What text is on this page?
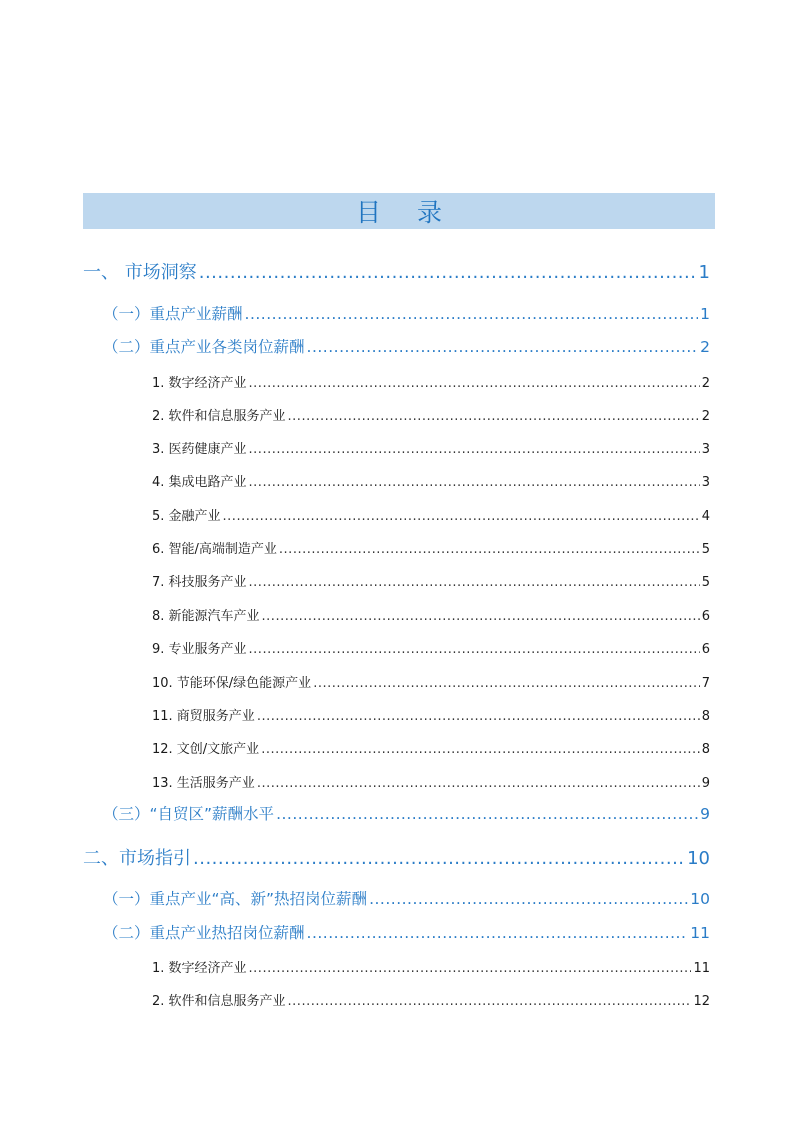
目 录
一、 市场洞察 .....	1
（一）重点产业薪酬 .....	1
（二）重点产业各类岗位薪酬 .....	2
1. 数字经济产业 .....	2
2. 软件和信息服务产业 .....	2
3. 医药健康产业 .....	3
4. 集成电路产业 .....	3
5. 金融产业 .....	4
6. 智能/高端制造产业 .....	5
7. 科技服务产业 .....	5
8. 新能源汽车产业 .....	6
9. 专业服务产业 .....	6
10. 节能环保/绿色能源产业 .....	7
11. 商贸服务产业 .....	8
12. 文创/文旅产业 .....	8
13. 生活服务产业 .....	9
（三）“自贸区”薪酬水平 .....	9
二、市场指引 .....	10
（一）重点产业“高、新”热招岗位薪酬 .....	10
（二）重点产业热招岗位薪酬 .....	11
1. 数字经济产业 .....	11
2. 软件和信息服务产业 .....	12
